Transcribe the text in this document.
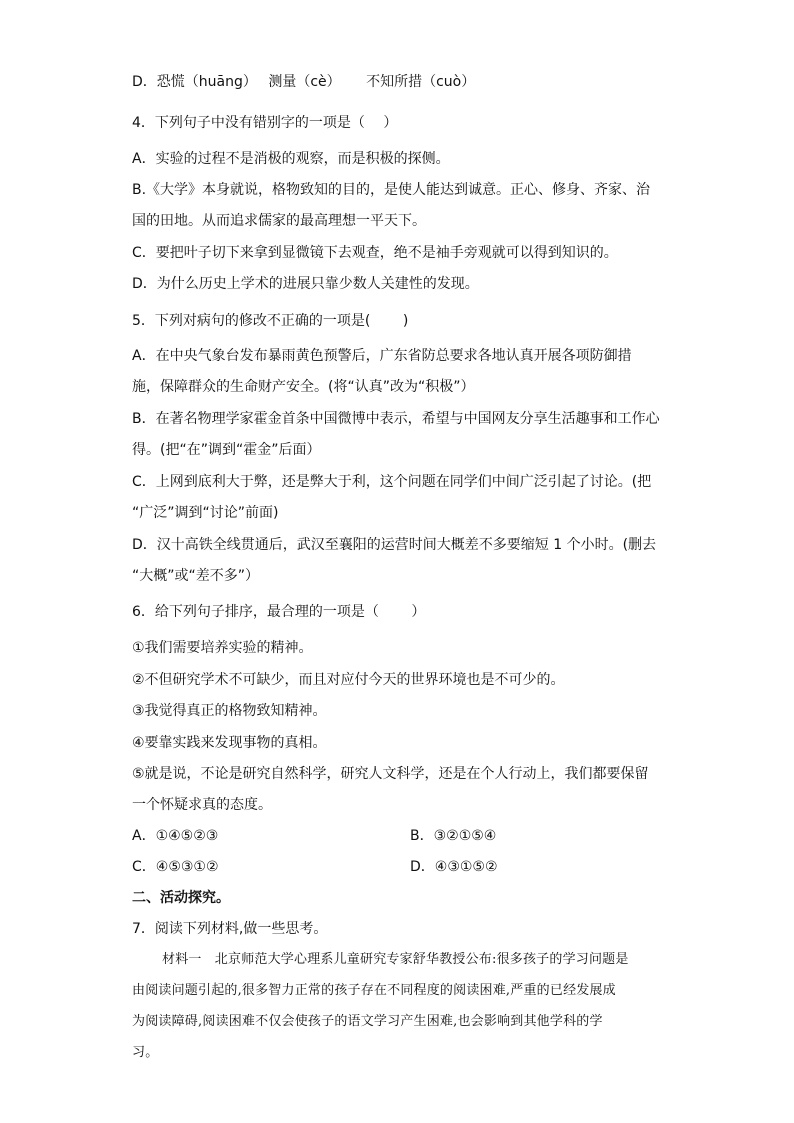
D．恐慌（huāng）　 测量（cè）　　 不知所措（cuò）
4．下列句子中没有错别字的一项是（　 ）
A．实验的过程不是消极的观察，而是积极的探侧。
B.《大学》本身就说，格物致知的目的，是使人能达到诚意。正心、修身、齐家、治
国的田地。从而追求儒家的最高理想一平天下。
C．要把叶子切下来拿到显微镜下去观查，绝不是袖手旁观就可以得到知识的。
D．为什么历史上学术的进展只靠少数人关建性的发现。
5．下列对病句的修改不正确的一项是(　　 )
A．在中央气象台发布暴雨黄色预警后，广东省防总要求各地认真开展各项防御措
施，保障群众的生命财产安全。(将“认真”改为“积极”）
B．在著名物理学家霍金首条中国微博中表示，希望与中国网友分享生活趣事和工作心
得。(把“在”调到“霍金”后面）
C．上网到底利大于弊，还是弊大于利，这个问题在同学们中间广泛引起了讨论。(把
“广泛”调到“讨论”前面)
D．汉十高铁全线贯通后，武汉至襄阳的运营时间大概差不多要缩短 1 个小时。(删去
“大概”或“差不多”）
6．给下列句子排序，最合理的一项是（　　 ）
①我们需要培养实验的精神。
②不但研究学术不可缺少，而且对应付今天的世界环境也是不可少的。
③我觉得真正的格物致知精神。
④要靠实践来发现事物的真相。
⑤就是说，不论是研究自然科学，研究人文科学，还是在个人行动上，我们都要保留
一个怀疑求真的态度。
A．①④⑤②③	B．③②①⑤④
C．④⑤③①②	D．④③①⑤②
二、活动探究。
7．阅读下列材料,做一些思考。

材料一　北京师范大学心理系儿童研究专家舒华教授公布:很多孩子的学习问题是

由阅读问题引起的,很多智力正常的孩子存在不同程度的阅读困难,严重的已经发展成

为阅读障碍,阅读困难不仅会使孩子的语文学习产生困难,也会影响到其他学科的学

习。
